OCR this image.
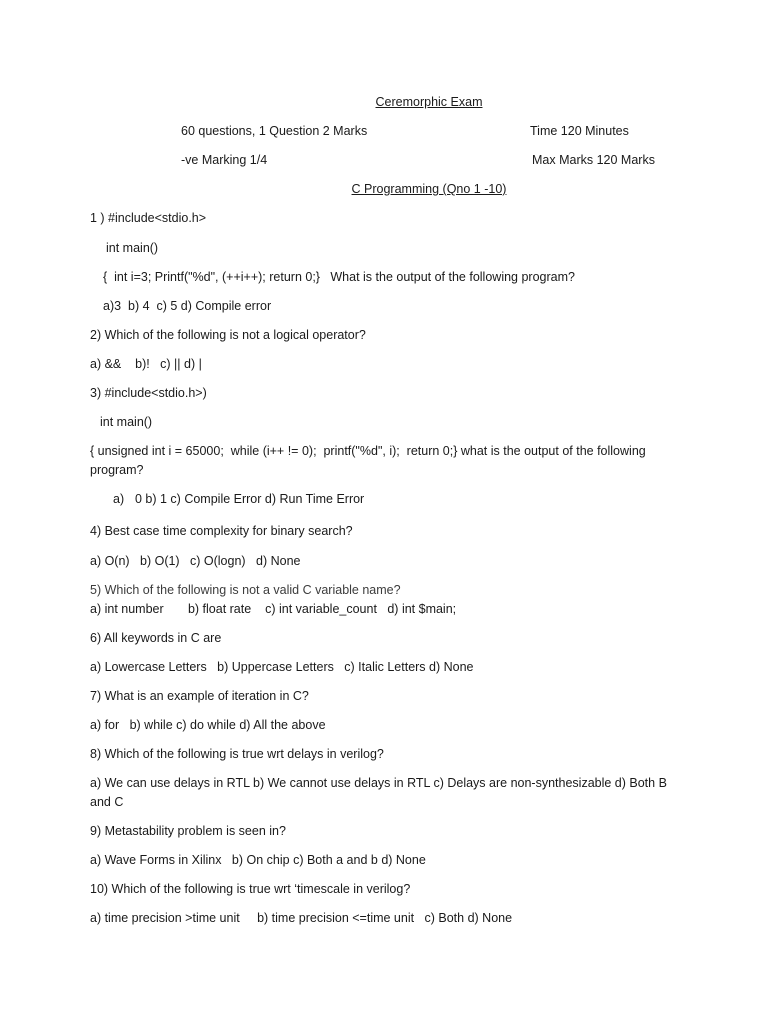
Ceremorphic Exam
60 questions, 1 Question 2 Marks	Time 120 Minutes
-ve Marking 1/4	Max Marks 120 Marks
C Programming (Qno 1 -10)
1 ) #include<stdio.h>
int main()
{  int i=3; Printf("%d", (++i++); return 0;}   What is the output of the following program?
a)3  b) 4  c) 5 d) Compile error
2) Which of the following is not a logical operator?
a) &&    b)!   c) || d) |
3) #include<stdio.h>)
int main()
{ unsigned int i = 65000;  while (i++ != 0);  printf("%d", i);  return 0;} what is the output of the following
program?
a) 0 b) 1 c) Compile Error d) Run Time Error
4) Best case time complexity for binary search?
a) O(n)   b) O(1)   c) O(logn)   d) None
5) Which of the following is not a valid C variable name?
a) int number       b) float rate    c) int variable_count   d) int $main;
6) All keywords in C are
a) Lowercase Letters   b) Uppercase Letters   c) Italic Letters d) None
7) What is an example of iteration in C?
a) for   b) while c) do while d) All the above
8) Which of the following is true wrt delays in verilog?
a) We can use delays in RTL b) We cannot use delays in RTL c) Delays are non-synthesizable d) Both B
and C
9) Metastability problem is seen in?
a) Wave Forms in Xilinx   b) On chip c) Both a and b d) None
10) Which of the following is true wrt ‘timescale in verilog?
a) time precision >time unit     b) time precision <=time unit   c) Both d) None
